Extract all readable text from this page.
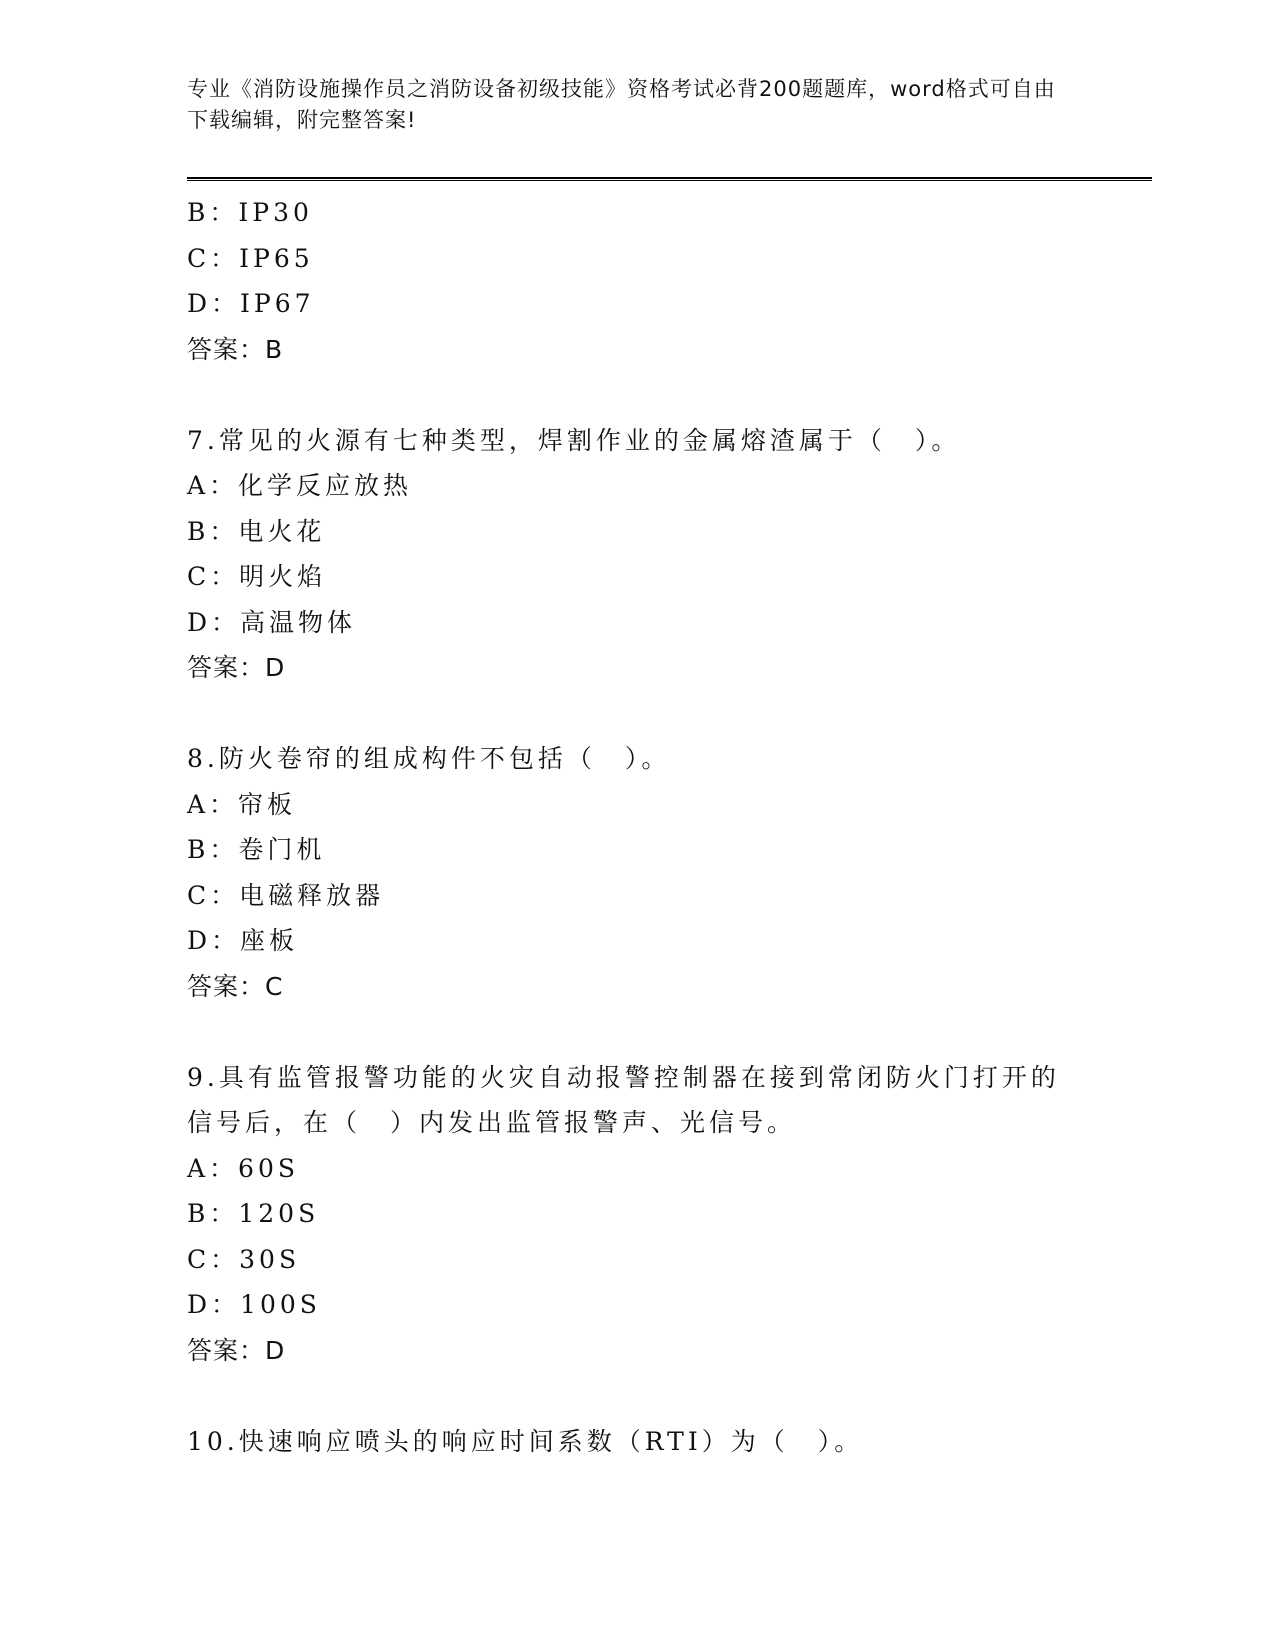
专业《消防设施操作员之消防设备初级技能》资格考试必背200题题库，word格式可自由下载编辑，附完整答案!
B：IP30
C：IP65
D：IP67
答案：B
7.常见的火源有七种类型，焊割作业的金属熔渣属于（　）。
A：化学反应放热
B：电火花
C：明火焰
D：高温物体
答案：D
8.防火卷帘的组成构件不包括（　）。
A：帘板
B：卷门机
C：电磁释放器
D：座板
答案：C
9.具有监管报警功能的火灾自动报警控制器在接到常闭防火门打开的信号后，在（　）内发出监管报警声、光信号。
A：60S
B：120S
C：30S
D：100S
答案：D
10.快速响应喷头的响应时间系数（RTI）为（　）。
